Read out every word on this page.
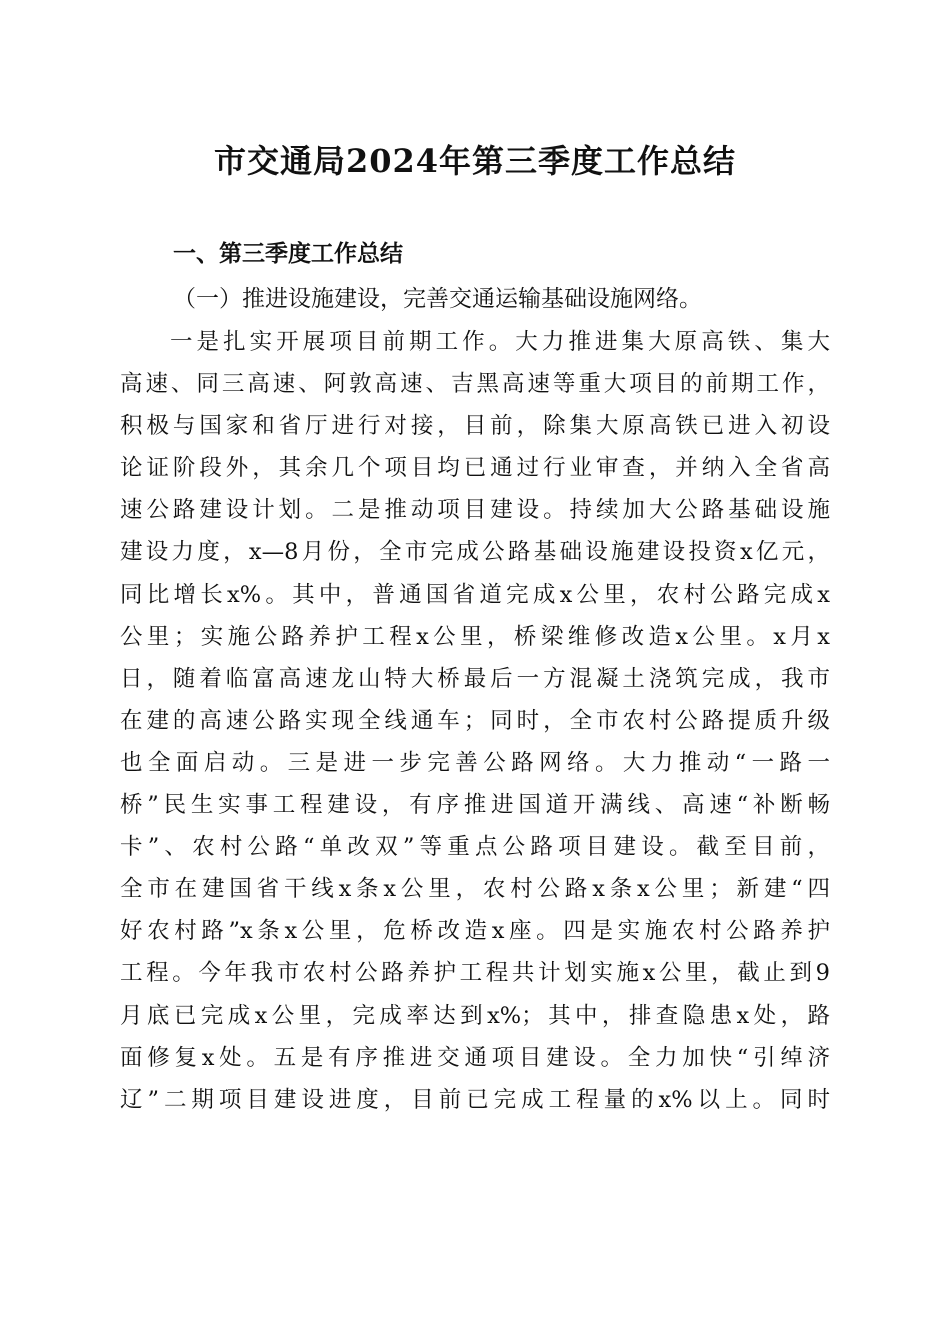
市交通局2024年第三季度工作总结
一、第三季度工作总结
（一）推进设施建设，完善交通运输基础设施网络。
一是扎实开展项目前期工作。大力推进集大原高铁、集大
高速、同三高速、阿敦高速、吉黑高速等重大项目的前期工作，
积极与国家和省厅进行对接，目前，除集大原高铁已进入初设
论证阶段外，其余几个项目均已通过行业审查，并纳入全省高
速公路建设计划。二是推动项目建设。持续加大公路基础设施
建设力度，x—8月份，全市完成公路基础设施建设投资x亿元，
同比增长x%。其中，普通国省道完成x公里，农村公路完成x
公里；实施公路养护工程x公里，桥梁维修改造x公里。x月x
日，随着临富高速龙山特大桥最后一方混凝土浇筑完成，我市
在建的高速公路实现全线通车；同时，全市农村公路提质升级
也全面启动。三是进一步完善公路网络。大力推动“一路一
桥”民生实事工程建设，有序推进国道开满线、高速“补断畅
卡”、农村公路“单改双”等重点公路项目建设。截至目前，
全市在建国省干线x条x公里，农村公路x条x公里；新建“四
好农村路”x条x公里，危桥改造x座。四是实施农村公路养护
工程。今年我市农村公路养护工程共计划实施x公里，截止到9
月底已完成x公里，完成率达到x%；其中，排查隐患x处，路
面修复x处。五是有序推进交通项目建设。全力加快“引绰济
辽”二期项目建设进度，目前已完成工程量的x%以上。同时
